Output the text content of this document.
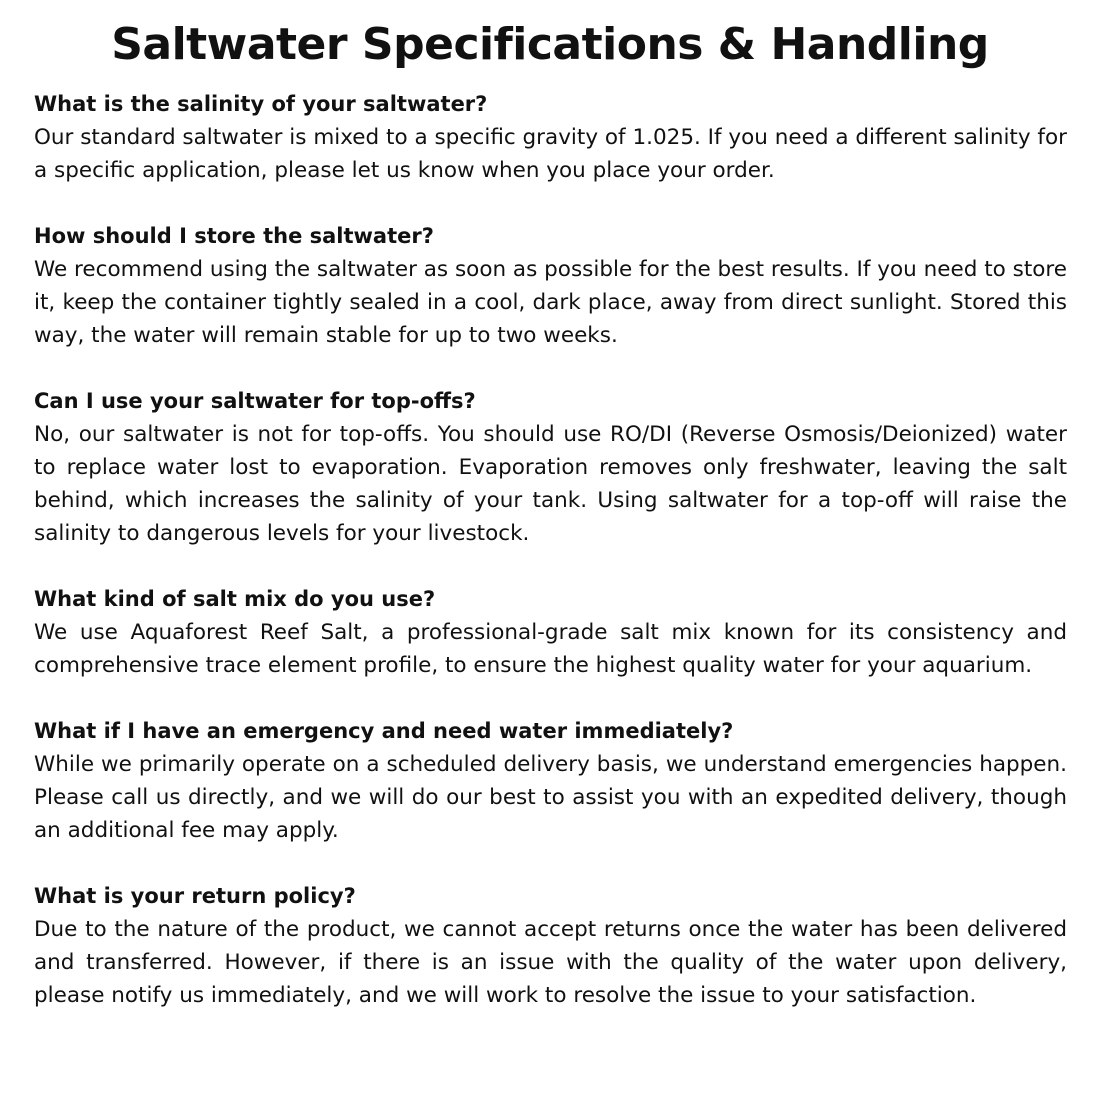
Saltwater Specifications & Handling

What is the salinity of your saltwater?

Our standard saltwater is mixed to a specific gravity of 1.025. If you need a different salinity for a specific application, please let us know when you place your order.

How should I store the saltwater?

We recommend using the saltwater as soon as possible for the best results. If you need to store it, keep the container tightly sealed in a cool, dark place, away from direct sunlight. Stored this way, the water will remain stable for up to two weeks.

Can I use your saltwater for top-offs?

No, our saltwater is not for top-offs. You should use RO/DI (Reverse Osmosis/Deionized) water to replace water lost to evaporation. Evaporation removes only freshwater, leaving the salt behind, which increases the salinity of your tank. Using saltwater for a top-off will raise the salinity to dangerous levels for your livestock.

What kind of salt mix do you use?

We use Aquaforest Reef Salt, a professional-grade salt mix known for its consistency and comprehensive trace element profile, to ensure the highest quality water for your aquarium.

What if I have an emergency and need water immediately?

While we primarily operate on a scheduled delivery basis, we understand emergencies happen. Please call us directly, and we will do our best to assist you with an expedited delivery, though an additional fee may apply.

What is your return policy?

Due to the nature of the product, we cannot accept returns once the water has been delivered and transferred. However, if there is an issue with the quality of the water upon delivery, please notify us immediately, and we will work to resolve the issue to your satisfaction.
